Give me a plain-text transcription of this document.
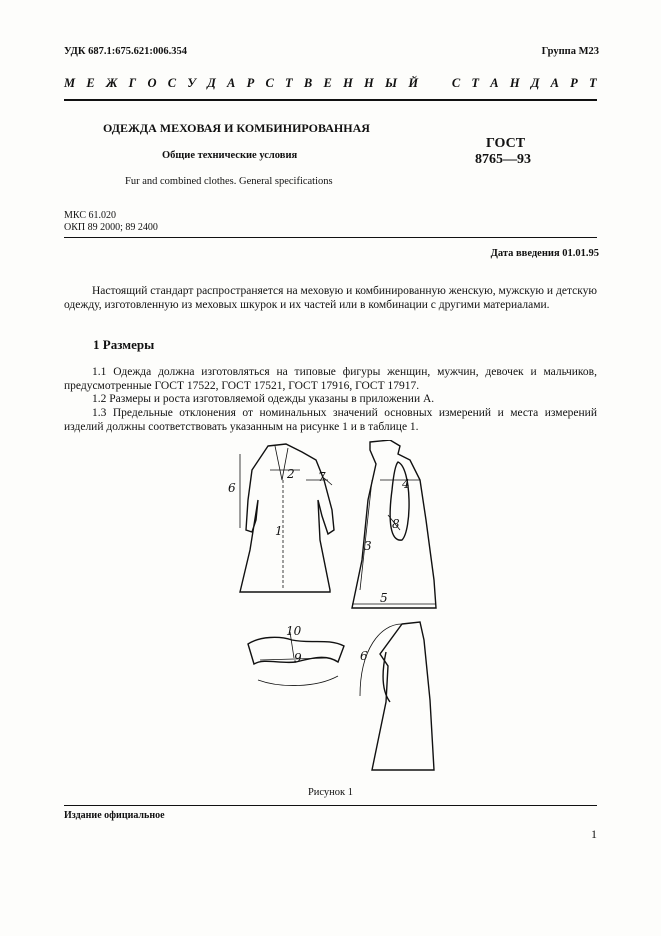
УДК 687.1:675.621:006.354	Группа М23
М Е Ж Г О С У Д А Р С Т В Е Н Н Ы Й	С Т А Н Д А Р Т
ОДЕЖДА МЕХОВАЯ И КОМБИНИРОВАННАЯ
Общие технические условия
ГОСТ
8765—93
Fur and combined clothes. General specifications
МКС 61.020
ОКП 89 2000; 89 2400
Дата введения 01.01.95
Настоящий стандарт распространяется на меховую и комбинированную женскую, мужскую и детскую одежду, изготовленную из меховых шкурок и их частей или в комбинации с другими материалами.
1 Размеры
1.1 Одежда должна изготовляться на типовые фигуры женщин, мужчин, девочек и мальчиков, предусмотренные ГОСТ 17522, ГОСТ 17521, ГОСТ 17916, ГОСТ 17917.
1.2 Размеры и роста изготовляемой одежды указаны в приложении А.
1.3 Предельные отклонения от номинальных значений основных измерений и места измерений изделий должны соответствовать указанным на рисунке 1 и в таблице 1.
2
1
6
7
3
4
5
8
10
9	6
Рисунок 1
Издание официальное
1
